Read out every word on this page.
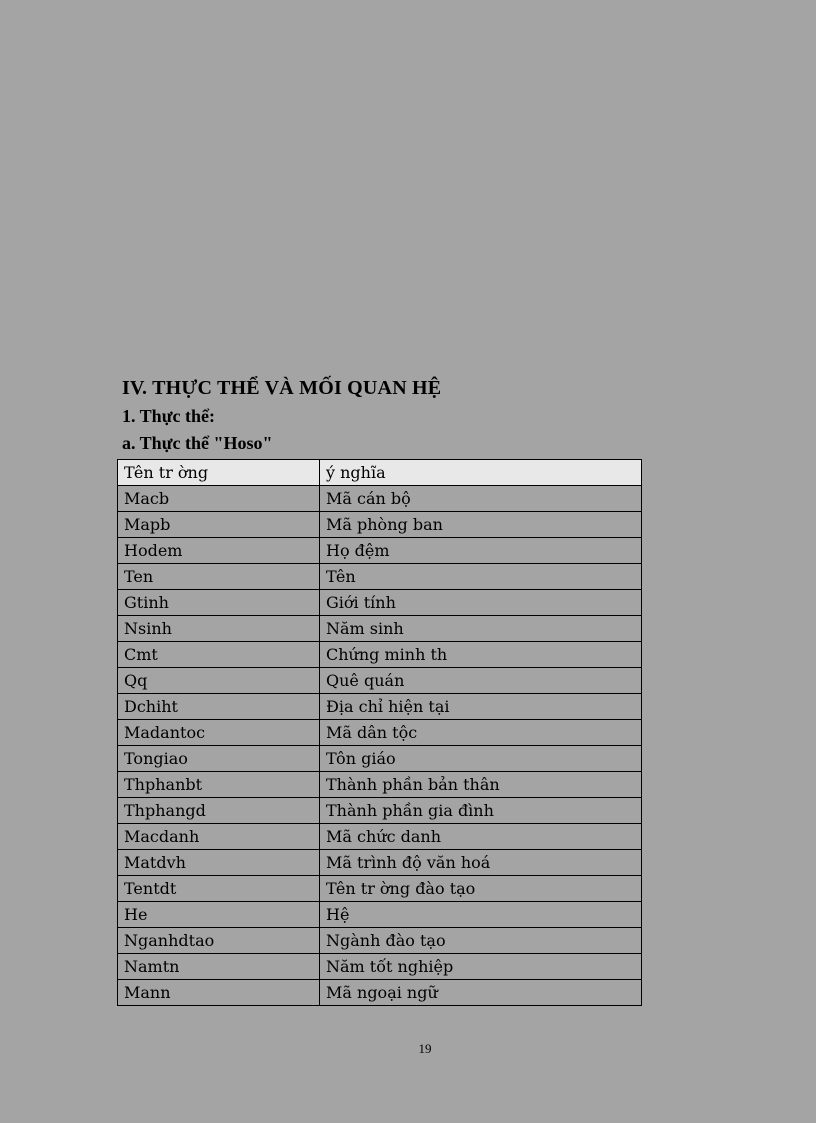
IV. THỰC THỂ VÀ MỐI QUAN HỆ
1. Thực thể:
a. Thực thể "Hoso"
Tên tr ờng	ý nghĩa
Macb	Mã cán bộ
Mapb	Mã phòng ban
Hodem	Họ đệm
Ten	Tên
Gtinh	Giới tính
Nsinh	Năm sinh
Cmt	Chứng minh th
Qq	Quê quán
Dchiht	Địa chỉ hiện tại
Madantoc	Mã dân tộc
Tongiao	Tôn giáo
Thphanbt	Thành phần bản thân
Thphangd	Thành phần gia đình
Macdanh	Mã chức danh
Matdvh	Mã trình độ văn hoá
Tentdt	Tên tr ờng đào tạo
He	Hệ
Nganhdtao	Ngành đào tạo
Namtn	Năm tốt nghiệp
Mann	Mã ngoại ngữ
19
